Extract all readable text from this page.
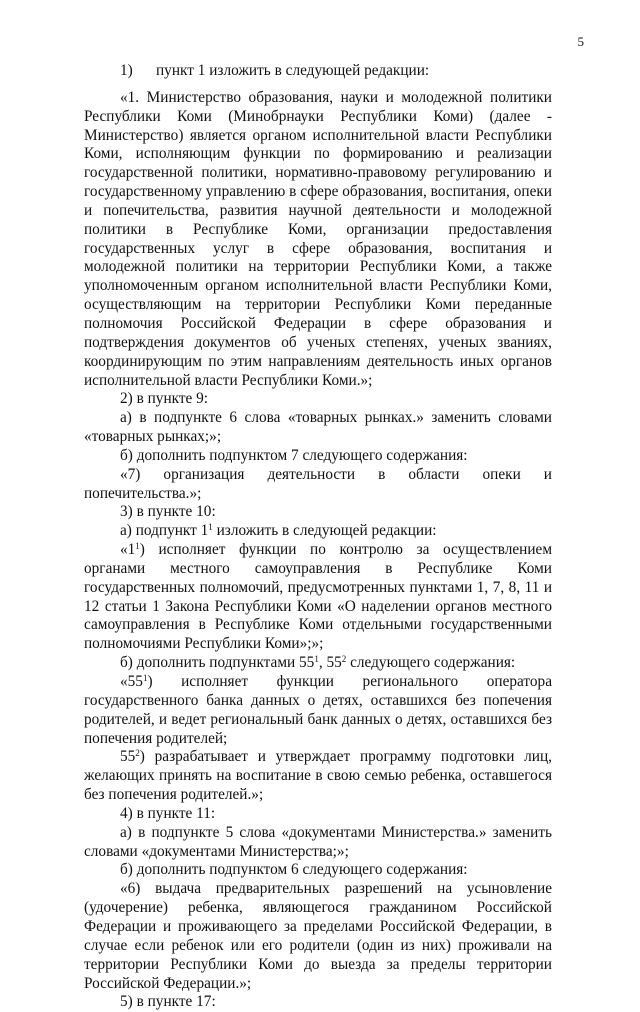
5

1) пункт 1 изложить в следующей редакции:

«1. Министерство образования, науки и молодежной политики Республики Коми (Минобрнауки Республики Коми) (далее - Министерство) является органом исполнительной власти Республики Коми, исполняющим функции по формированию и реализации государственной политики, нормативно-правовому регулированию и государственному управлению в сфере образования, воспитания, опеки и попечительства, развития научной деятельности и молодежной политики в Республике Коми, организации предоставления государственных услуг в сфере образования, воспитания и молодежной политики на территории Республики Коми, а также уполномоченным органом исполнительной власти Республики Коми, осуществляющим на территории Республики Коми переданные полномочия Российской Федерации в сфере образования и подтверждения документов об ученых степенях, ученых званиях, координирующим по этим направлениям деятельность иных органов исполнительной власти Республики Коми.»;

2) в пункте 9:

а) в подпункте 6 слова «товарных рынках.» заменить словами «товарных рынках;»;

б) дополнить подпунктом 7 следующего содержания:

«7) организация деятельности в области опеки и попечительства.»;

3) в пункте 10:

а) подпункт $1^1$ изложить в следующей редакции:

«$1^1$) исполняет функции по контролю за осуществлением органами местного самоуправления в Республике Коми государственных полномочий, предусмотренных пунктами 1, 7, 8, 11 и 12 статьи 1 Закона Республики Коми «О наделении органов местного самоуправления в Республике Коми отдельными государственными полномочиями Республики Коми»;»;

б) дополнить подпунктами $55^1$, $55^2$ следующего содержания:

«$55^1$) исполняет функции регионального оператора государственного банка данных о детях, оставшихся без попечения родителей, и ведет региональный банк данных о детях, оставшихся без попечения родителей;

$55^2$) разрабатывает и утверждает программу подготовки лиц, желающих принять на воспитание в свою семью ребенка, оставшегося без попечения родителей.»;

4) в пункте 11:

а) в подпункте 5 слова «документами Министерства.» заменить словами «документами Министерства;»;

б) дополнить подпунктом 6 следующего содержания:

«6) выдача предварительных разрешений на усыновление (удочерение) ребенка, являющегося гражданином Российской Федерации и проживающего за пределами Российской Федерации, в случае если ребенок или его родители (один из них) проживали на территории Республики Коми до выезда за пределы территории Российской Федерации.»;

5) в пункте 17:
